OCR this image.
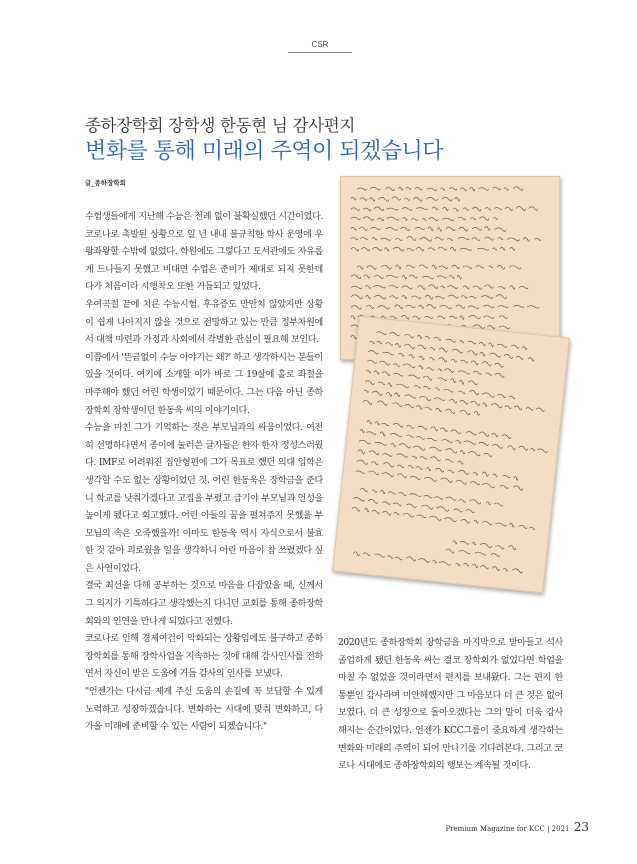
CSR
종하장학회 장학생 한동현 님 감사편지
변화를 통해 미래의 주역이 되겠습니다
글_종하장학회

수험생들에게 지난해 수능은 전례 없이 불확실했던 시간이었다. 코로나로 촉발된 상황으로 일 년 내내 불규칙한 학사 운영에 우왕좌왕할 수밖에 없었다. 학원에도 그렇다고 도서관에도 자유롭게 드나들지 못했고 비대면 수업은 준비가 제대로 되지 못한데다가 처음이라 시행착오 또한 거듭되고 있었다.

우여곡절 끝에 치른 수능시험. 후유증도 만만치 않았지만 상황이 쉽게 나아지지 않을 것으로 전망하고 있는 만큼 정부차원에서 대책 마련과 가정과 사회에서 각별한 관심이 필요해 보인다.

이쯤에서 '뜬금없이 수능 이야기는 왜?' 하고 생각하시는 분들이 있을 것이다. 여기에 소개할 이가 바로 그 19살에 홀로 좌절을 마주해야 했던 어린 학생이었기 때문이다. 그는 다음 아닌 종하장학회 장학생이던 한동욱 씨의 이야기이다.

수능을 마친 그가 기억하는 것은 부모님과의 싸움이었다. 여전히 선명하다면서 종이에 눌러쓴 글자들은 한자 한자 정성스러웠다. IMF로 어려워진 집안형편에 그가 목표로 했던 의대 입학은 생각할 수도 없는 상황이었던 것. 어린 한동욱은 장학금을 준다니 학교를 낮춰가겠다고 고집을 부렸고 급기야 부모님과 언성을 높이게 됐다고 회고했다. 어린 아들의 꿈을 펼쳐주지 못했을 부모님의 속은 오죽했을까! 아마도 한동욱 역시 자식으로서 불효한 것 같아 괴로웠을 일을 생각하니 어린 마음이 참 쓰렸겠다 싶은 사연이었다.

결국 최선을 다해 공부하는 것으로 마음을 다잡았을 때, 신께서 그 의지가 기특하다고 생각했는지 다니던 교회를 통해 종하장학회와의 인연을 만나게 되었다고 전했다.

코로나로 인해 경제여건이 악화되는 상황임에도 불구하고 종하장학회를 통해 장학사업을 지속하는 것에 대해 감사인사를 전하면서 자신이 받은 도움에 거듭 감사의 인사를 보냈다.

"언젠가는 다시금 제게 주신 도움의 손길에 꼭 보답할 수 있게 노력하고 성장하겠습니다. 변화하는 시대에 맞춰 변화하고, 다가올 미래에 준비할 수 있는 사람이 되겠습니다."

2020년도 종하장학회 장학금을 마지막으로 받아들고 석사 졸업하게 됐던 한동욱 씨는 결코 장학회가 없었다면 학업을 마칠 수 없었을 것이라면서 편지를 보내왔다. 그는 편지 한 통뿐인 감사라며 미안해했지만 그 마음보다 더 큰 것은 없어보였다. 더 큰 성장으로 돌아오겠다는 그의 말이 더욱 감사해지는 순간이었다. 언젠가 KCC그룹이 중요하게 생각하는 변화와 미래의 주역이 되어 만나기를 기다려본다. 그리고 코로나 시대에도 종하장학회의 행보는 계속될 것이다.

Premium Magazine for KCC | 2021 23
